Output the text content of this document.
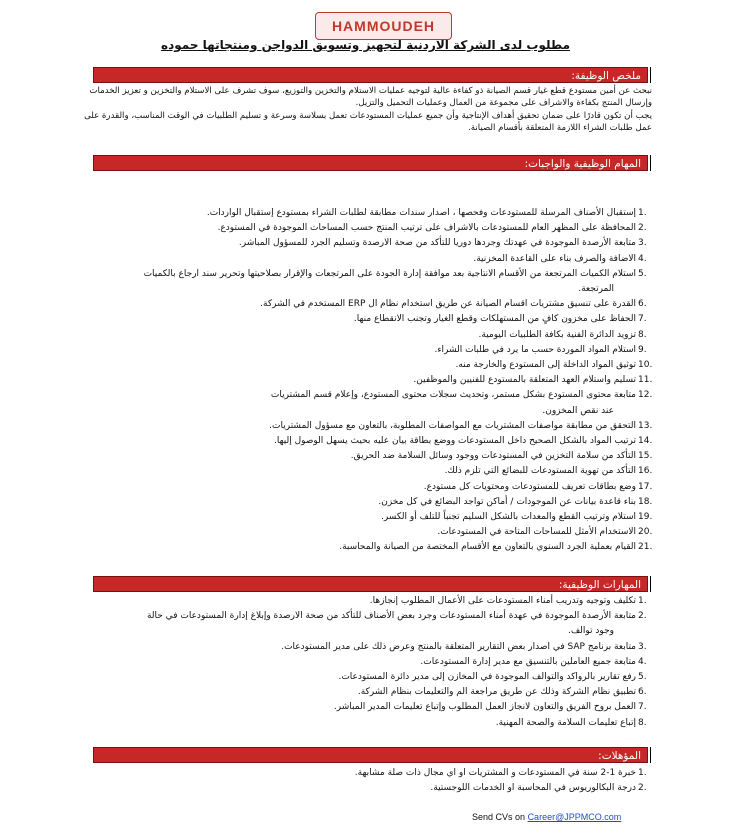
HAMMOUDEH
مطلوب لدى الشركة الاردنية لتجهيز وتسويق الدواجن ومنتجاتها حموده
ملخص الوظيفة:
نبحث عن أمين مستودع قطع غيار قسم الصيانة ذو كفاءة عالية لتوجيه عمليات الاستلام والتخزين والتوزيع، سوف تشرف على الاستلام والتخزين و تعزيز الخدمات
وإرسال المنتج بكفاءة والاشراف على مجموعة من العمال وعمليات التحميل والتزيل.
يجب أن تكون قادرًا على ضمان تحقيق أهداف الإنتاجية وأن جميع عمليات المستودعات تعمل بسلاسة وسرعة و تسليم الطلبيات في الوقت المناسب، والقدرة على
عمل طلبات الشراء اللازمة المتعلقة بأقسام الصيانة.
المهام الوظيفية والواجبات:
1.
إستقبال الأصناف المرسلة للمستودعات وفحصها ، اصدار سندات مطابقة لطلبات الشراء بمستودع إستقبال الواردات.
2.
المحافظة على المظهر العام للمستودعات بالاشراف على ترتيب المنتج حسب المساحات الموجودة في المستودع.
3.
متابعة الأرصدة الموجودة في عهدتك وجردها دوريا للتأكد من صحة الارصدة وتسليم الجرد للمسؤول المباشر.
4.
الاضافة والصرف بناء على القاعدة المخزنية.
5.
استلام الكميات المرتجعة من الأقسام الانتاجية بعد موافقة إدارة الجودة على المرتجعات والإقرار بصلاحيتها وتحرير سند ارجاع بالكميات
المرتجعة.
6.
القدرة على تنسيق مشتريات اقسام الصيانة عن طريق استخدام نظام ال ERP المستخدم في الشركة.
7.
الحفاظ على مخزون كافٍ من المستهلكات وقطع الغيار وتجنب الانقطاع منها.
8.
تزويد الدائرة الفنية بكافة الطلبيات اليومية.
9.
استلام المواد الموردة حسب ما يرد في طلبات الشراء.
10.
توثيق المواد الداخلة إلى المستودع والخارجة منه.
11.
تسليم واستلام العهد المتعلقة بالمستودع للفنيين والموظفين.
12.
متابعة محتوى المستودع بشكل مستمر، وتحديث سجلات محتوى المستودع، وإعلام قسم المشتريات
عند نقص المخزون.
13.
التحقق من مطابقة مواصفات المشتريات مع المواصفات المطلوبة، بالتعاون مع مسؤول المشتريات.
14.
ترتيب المواد بالشكل الصحيح داخل المستودعات ووضع بطاقة بيان عليه بحيث يسهل الوصول إليها.
15.
التأكد من سلامة التخزين في المستودعات ووجود وسائل السلامة ضد الحريق.
16.
التأكد من تهوية المستودعات للبضائع التي تلزم ذلك.
17.
وضع بطاقات تعريف للمستودعات ومحتويات كل مستودع.
18.
بناء قاعدة بيانات عن الموجودات / أماكن تواجد البضائع في كل مخزن.
19.
استلام وترتيب القطع والمعدات بالشكل السليم تجنباً للتلف أو الكسر.
20.
الاستخدام الأمثل للمساحات المتاحة في المستودعات.
21.
القيام بعملية الجرد السنوي بالتعاون مع الأقسام المختصة من الصيانة والمحاسبة.
المهارات الوظيفية:
1.
تكليف وتوجيه وتدريب أمناء المستودعات على الأعمال المطلوب إنجازها.
2.
متابعة الأرصدة الموجودة في عهدة أمناء المستودعات وجرد بعض الأصناف للتأكد من صحة الارصدة وإبلاغ إدارة المستودعات في حالة
وجود توالف.
3.
متابعة برنامج SAP في اصدار بعض التقارير المتعلقة بالمنتج وعرض ذلك على مدير المستودعات.
4.
متابعة جميع العاملين بالتنسيق مع مدير إدارة المستودعات.
5.
رفع تقارير بالرواكد والتوالف الموجودة في المخازن إلى مدير دائرة المستودعات.
6.
تطبيق نظام الشركة وذلك عن طريق مراجعة الم والتعليمات بنظام الشركة.
7.
العمل بروح الفريق والتعاون لانجاز العمل المطلوب وإتباع تعليمات المدير المباشر.
8.
إتباع تعليمات السلامة والصحة المهنية.
المؤهلات:
1.
خبرة 1-2 سنة في المستودعات و المشتريات او اي مجال ذات صلة مشابهة.
2.
درجة البكالوريوس في المحاسبة او الخدمات اللوجستية.
Send CVs on Career@JPPMCO.com
